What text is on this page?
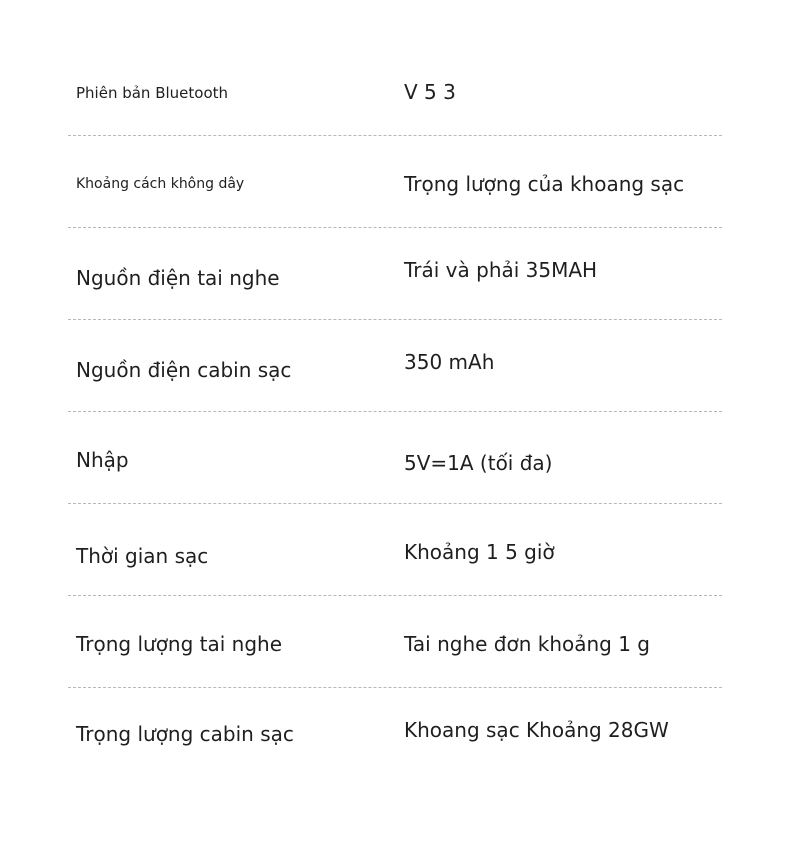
Phiên bản Bluetooth	V 5 3
Khoảng cách không dây	Trọng lượng của khoang sạc
Nguồn điện tai nghe	Trái và phải 35MAH
Nguồn điện cabin sạc	350 mAh
Nhập	5V=1A (tối đa)
Thời gian sạc	Khoảng 1 5 giờ
Trọng lượng tai nghe	Tai nghe đơn khoảng 1 g
Trọng lượng cabin sạc	Khoang sạc Khoảng 28GW
